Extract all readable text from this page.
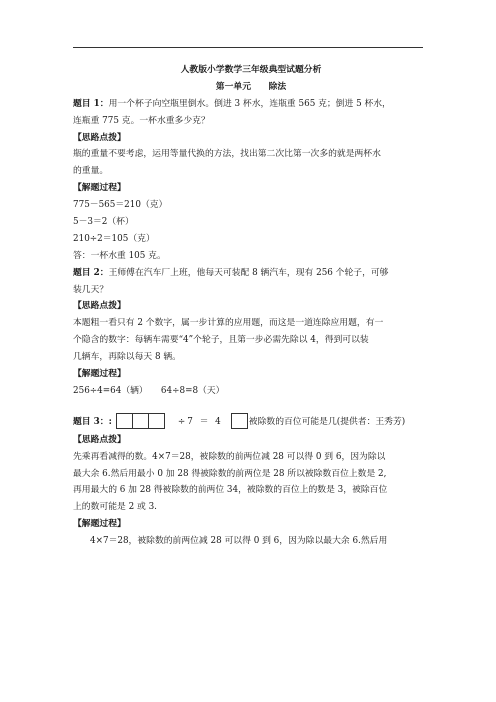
人教版小学数学三年级典型试题分析
第一单元　　除法
题目 1：用一个杯子向空瓶里倒水。倒进 3 杯水，连瓶重 565 克；倒进 5 杯水，
连瓶重 775 克。一杯水重多少克？
【思路点拨】
瓶的重量不要考虑，运用等量代换的方法，找出第二次比第一次多的就是两杯水
的重量。
【解题过程】
775－565＝210（克）
5－3＝2（杯）
210÷2＝105（克）
答：一杯水重 105 克。
题目 2：王师傅在汽车厂上班，他每天可装配 8 辆汽车，现有 256 个轮子，可够
装几天？
【思路点拨】
本题粗一看只有 2 个数字，属一步计算的应用题，而这是一道连除应用题，有一
个隐含的数字：每辆车需要“4”个轮子，且第一步必需先除以 4，得到可以装
几辆车，再除以每天 8 辆。
【解题过程】
256÷4=64（辆）　　64÷8=8（天）
题目 3：:	÷7 ＝ 4	被除数的百位可能是几(提供者：王秀芳)
【思路点拨】
先乘再看减得的数。4×7＝28，被除数的前两位减 28 可以得 0 到 6，因为除以
最大余 6.然后用最小 0 加 28 得被除数的前两位是 28 所以被除数百位上数是 2,
再用最大的 6 加 28 得被除数的前两位 34，被除数的百位上的数是 3，被除百位
上的数可能是 2 或 3.
【解题过程】
4×7＝28，被除数的前两位减 28 可以得 0 到 6，因为除以最大余 6.然后用
